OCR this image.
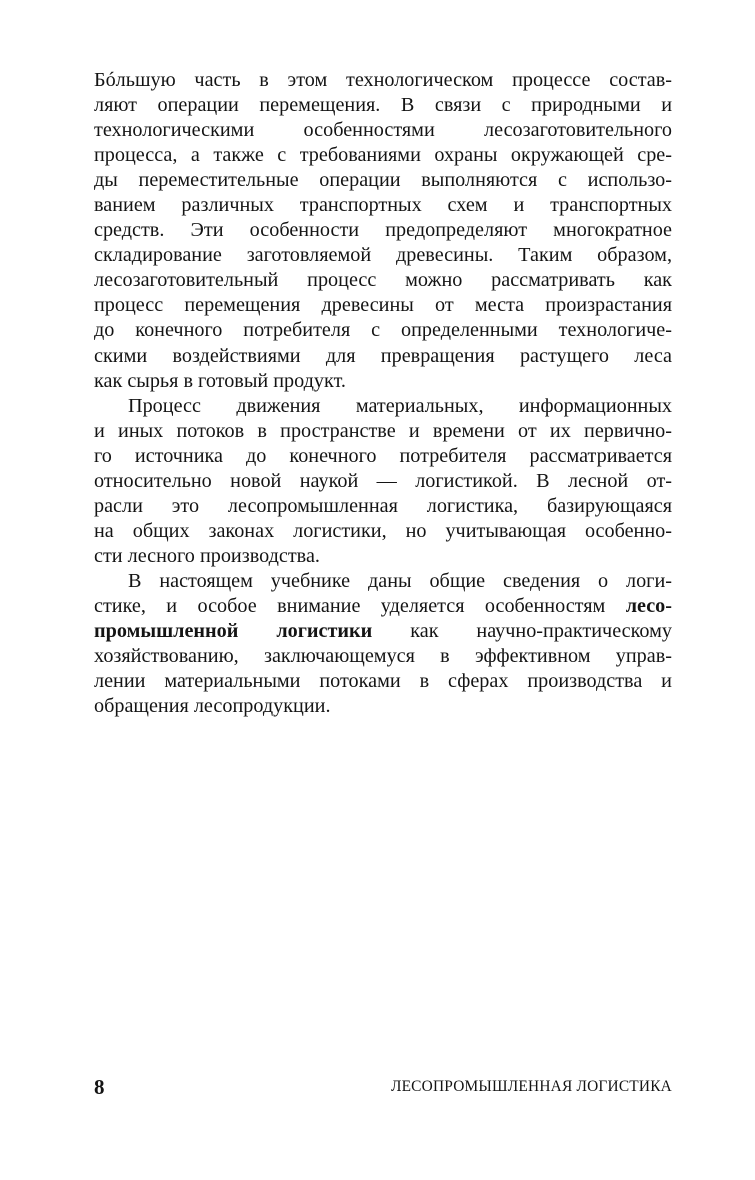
Бóльшую часть в этом технологическом процессе состав-
ляют операции перемещения. В связи с природными и
технологическими особенностями лесозаготовительного
процесса, а также с требованиями охраны окружающей сре-
ды переместительные операции выполняются с использо-
ванием различных транспортных схем и транспортных
средств. Эти особенности предопределяют многократное
складирование заготовляемой древесины. Таким образом,
лесозаготовительный процесс можно рассматривать как
процесс перемещения древесины от места произрастания
до конечного потребителя с определенными технологиче-
скими воздействиями для превращения растущего леса
как сырья в готовый продукт.

Процесс движения материальных, информационных
и иных потоков в пространстве и времени от их первично-
го источника до конечного потребителя рассматривается
относительно новой наукой — логистикой. В лесной от-
расли это лесопромышленная логистика, базирующаяся
на общих законах логистики, но учитывающая особенно-
сти лесного производства.

В настоящем учебнике даны общие сведения о логи-
стике, и особое внимание уделяется особенностям лесо-
промышленной логистики как научно-практическому
хозяйствованию, заключающемуся в эффективном управ-
лении материальными потоками в сферах производства и
обращения лесопродукции.

8	ЛЕСОПРОМЫШЛЕННАЯ ЛОГИСТИКА
